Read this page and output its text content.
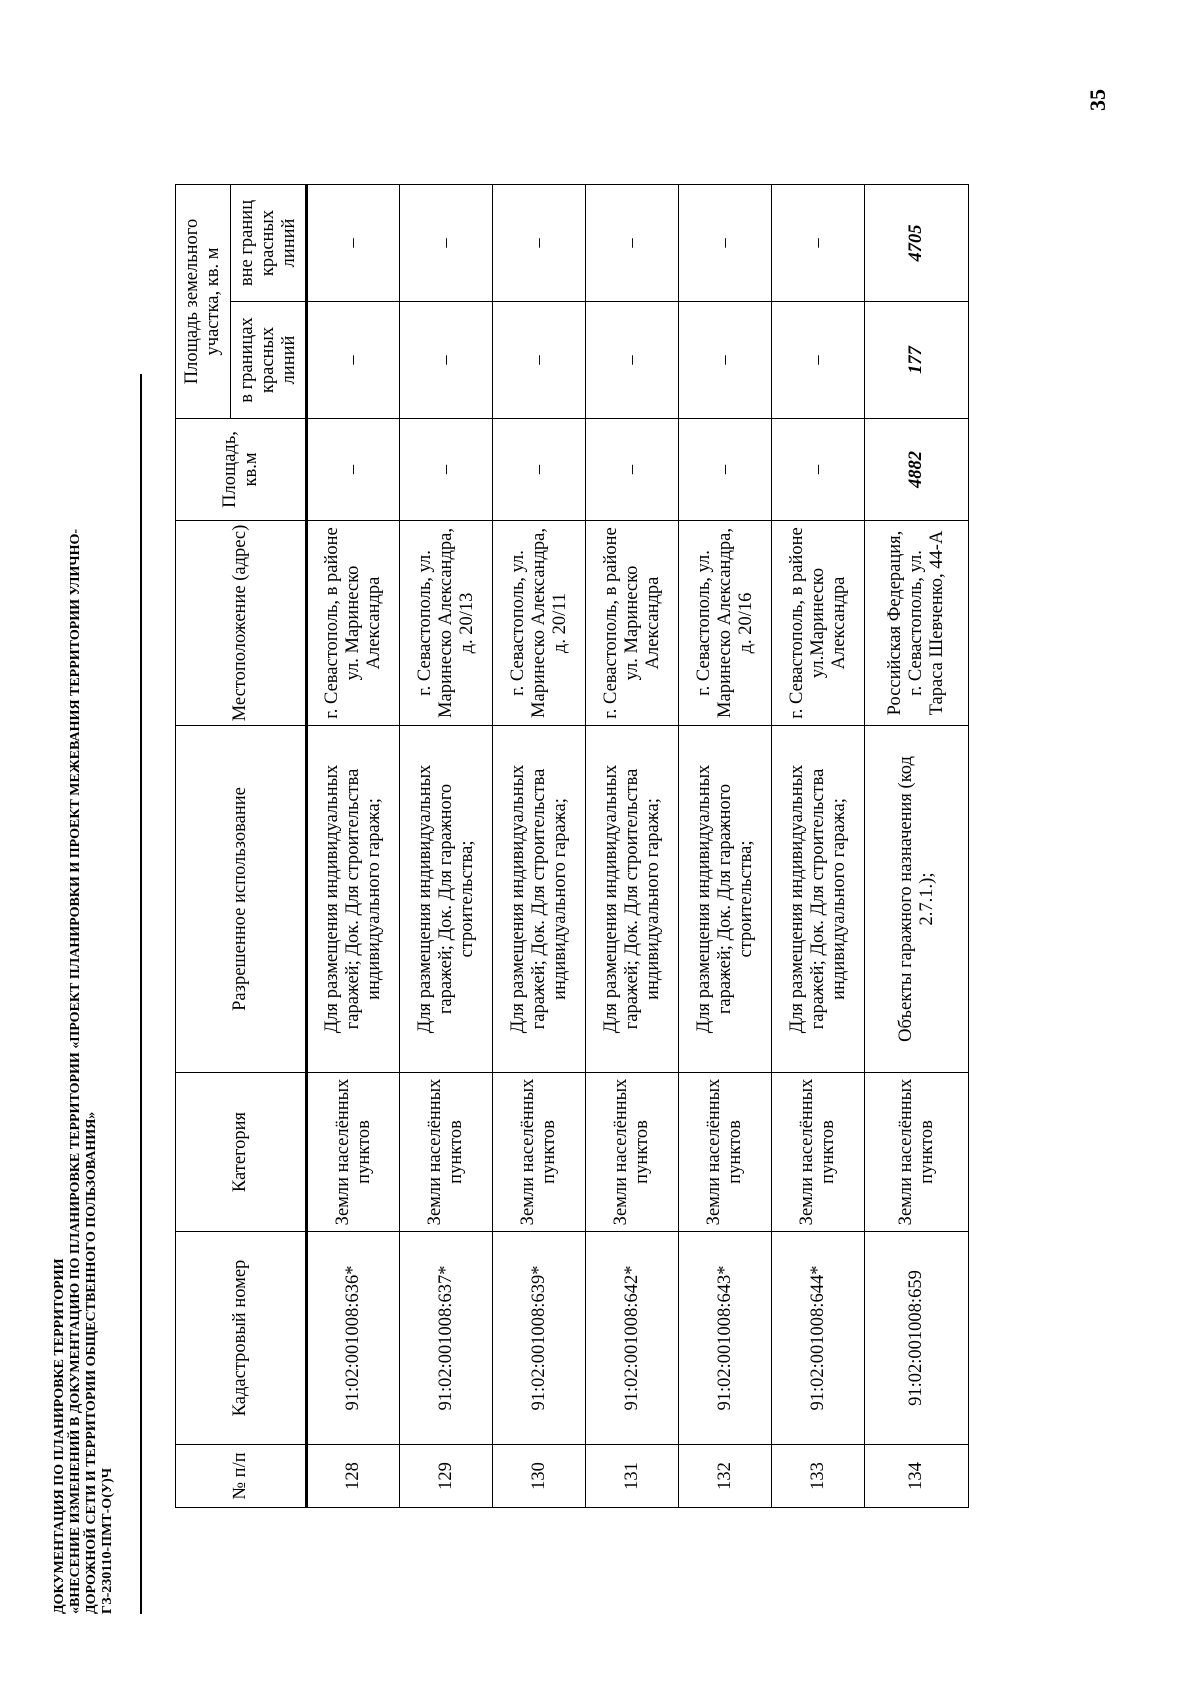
35
ДОКУМЕНТАЦИЯ ПО ПЛАНИРОВКЕ ТЕРРИТОРИИ «ВНЕСЕНИЕ ИЗМЕНЕНИЙ В ДОКУМЕНТАЦИЮ ПО ПЛАНИРОВКЕ ТЕРРИТОРИИ «ПРОЕКТ ПЛАНИРОВКИ И ПРОЕКТ МЕЖЕВАНИЯ ТЕРРИТОРИИ УЛИЧНО- ДОРОЖНОЙ СЕТИ И ТЕРРИТОРИИ ОБЩЕСТВЕННОГО ПОЛЬЗОВАНИЯ» ГЗ-230110-ПМТ-О(У)Ч	№ п/п	Кадастровый номер	Категория	Разрешенное использование	Местоположение (адрес)	Площадь, кв.м	Площадь земельного участка, кв. м	
						в границах красных линий	вне границ красных линий
128	91:02:001008:636*	Земли населённых пунктов	Для размещения индивидуальных гаражей; Док. Для строительства индивидуального гаража;	г. Севастополь, в районе ул. Маринеско Александра	–	–	–
129	91:02:001008:637*	Земли населённых пунктов	Для размещения индивидуальных гаражей; Док. Для гаражного строительства;	г. Севастополь, ул. Маринеско Александра, д. 20/13	–	–	–
130	91:02:001008:639*	Земли населённых пунктов	Для размещения индивидуальных гаражей; Док. Для строительства индивидуального гаража;	г. Севастополь, ул. Маринеско Александра, д. 20/11	–	–	–
131	91:02:001008:642*	Земли населённых пунктов	Для размещения индивидуальных гаражей; Док. Для строительства индивидуального гаража;	г. Севастополь, в районе ул. Маринеско Александра	–	–	–
132	91:02:001008:643*	Земли населённых пунктов	Для размещения индивидуальных гаражей; Док. Для гаражного строительства;	г. Севастополь, ул. Маринеско Александра, д. 20/16	–	–	–
133	91:02:001008:644*	Земли населённых пунктов	Для размещения индивидуальных гаражей; Док. Для строительства индивидуального гаража;	г. Севастополь, в районе ул.Маринеско Александра	–	–	–
134	91:02:001008:659	Земли населённых пунктов	Объекты гаражного назначения (код 2.7.1.);	Российская Федерация, г. Севастополь, ул. Тараса Шевченко, 44-А	4882	177	4705
